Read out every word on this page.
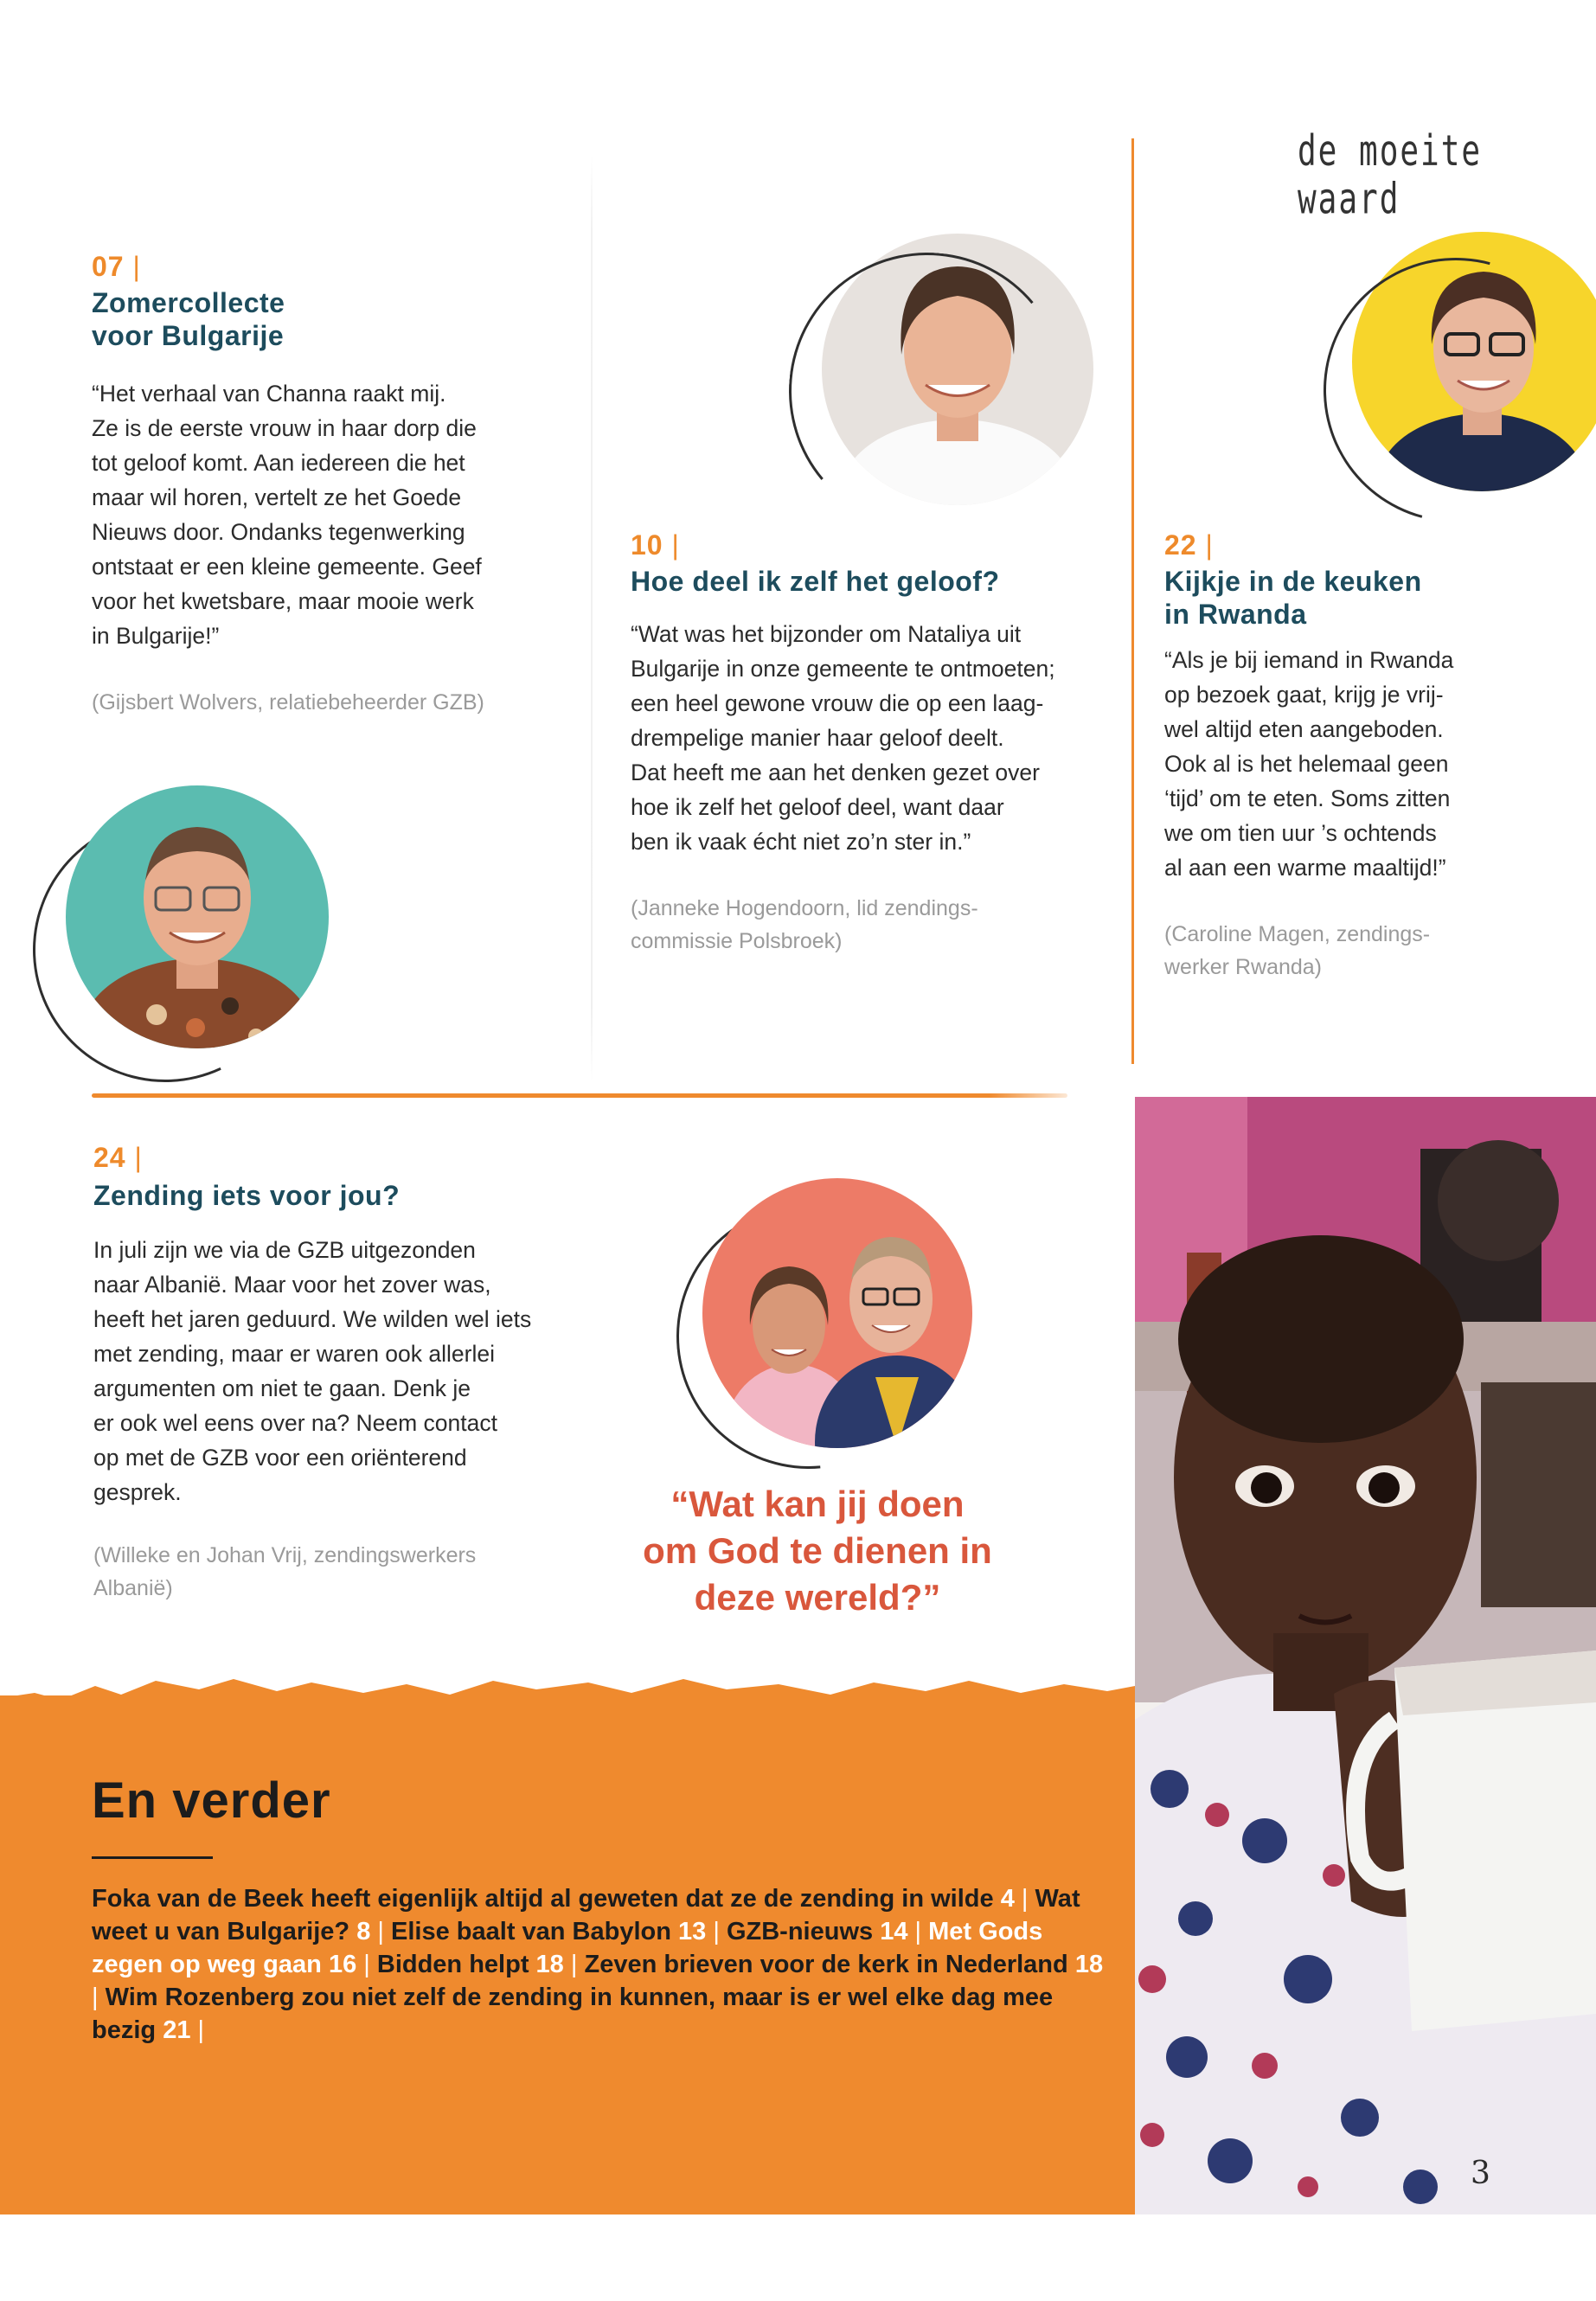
de moeite waard
07 |
Zomercollecte
voor Bulgarije
“Het verhaal van Channa raakt mij.
Ze is de eerste vrouw in haar dorp die
tot geloof komt. Aan iedereen die het
maar wil horen, vertelt ze het Goede
Nieuws door. Ondanks tegenwerking
ontstaat er een kleine gemeente. Geef
voor het kwetsbare, maar mooie werk
in Bulgarije!”
(Gijsbert Wolvers, relatiebeheerder GZB)
10 |
Hoe deel ik zelf het geloof?
“Wat was het bijzonder om Nataliya uit
Bulgarije in onze gemeente te ontmoeten;
een heel gewone vrouw die op een laag-
drempelige manier haar geloof deelt.
Dat heeft me aan het denken gezet over
hoe ik zelf het geloof deel, want daar
ben ik vaak écht niet zo’n ster in.”
(Janneke Hogendoorn, lid zendings-
commissie Polsbroek)
22 |
Kijkje in de keuken
in Rwanda
“Als je bij iemand in Rwanda
op bezoek gaat, krijg je vrij-
wel altijd eten aangeboden.
Ook al is het helemaal geen
‘tijd’ om te eten. Soms zitten
we om tien uur ’s ochtends
al aan een warme maaltijd!”
(Caroline Magen, zendings-
werker Rwanda)
24 |
Zending iets voor jou?
In juli zijn we via de GZB uitgezonden
naar Albanië. Maar voor het zover was,
heeft het jaren geduurd. We wilden wel iets
met zending, maar er waren ook allerlei
argumenten om niet te gaan. Denk je
er ook wel eens over na? Neem contact
op met de GZB voor een oriënterend
gesprek.
(Willeke en Johan Vrij, zendingswerkers
Albanië)
“Wat kan jij doen
om God te dienen in
deze wereld?”
En verder
Foka van de Beek heeft eigenlijk altijd al geweten dat ze de zending in wilde 4 | Wat weet u van Bulgarije? 8 | Elise baalt van Babylon 13 | GZB-nieuws 14 | Met Gods zegen op weg gaan 16 | Bidden helpt 18 | Zeven brieven voor de kerk in Nederland 18 | Wim Rozenberg zou niet zelf de zending in kunnen, maar is er wel elke dag mee bezig 21 |
3
